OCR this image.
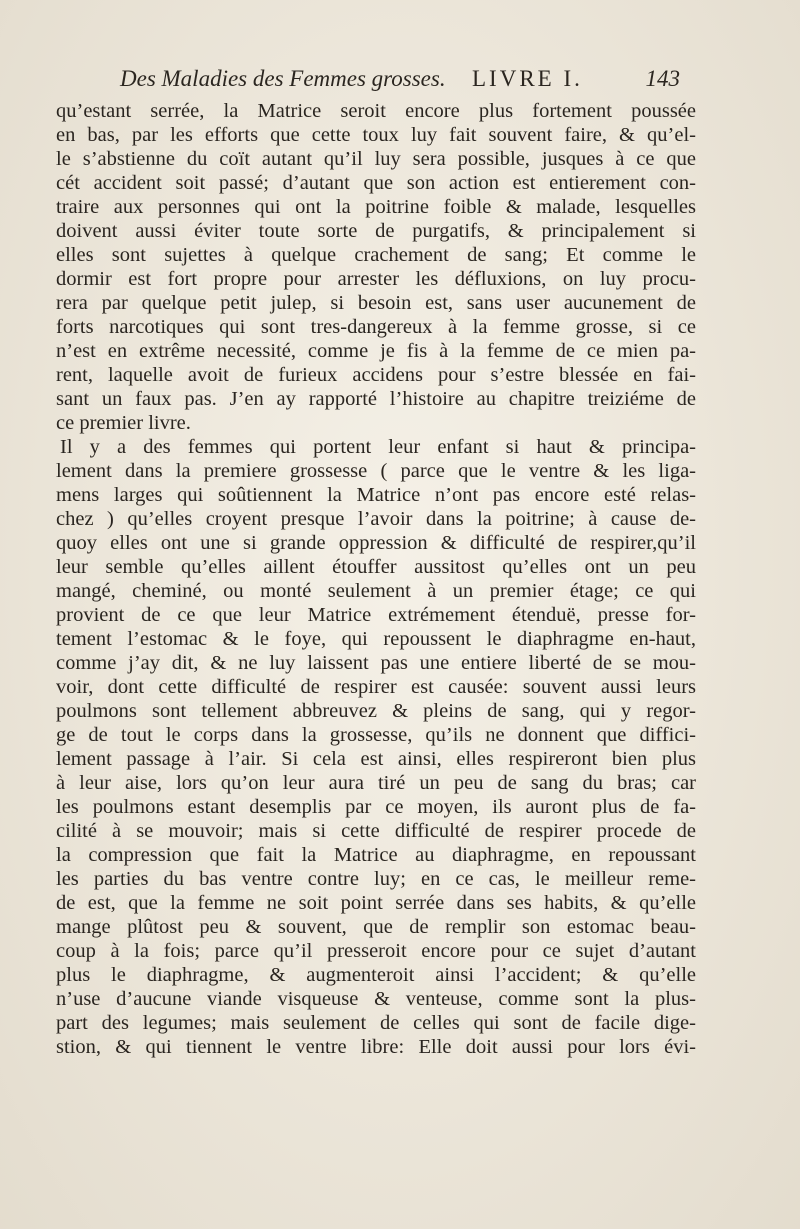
Des Maladies des Femmes grosses. LIVRE I.	143
qu’estant serrée, la Matrice seroit encore plus fortement poussée
en bas, par les efforts que cette toux luy fait souvent faire, & qu’el-
le s’abstienne du coït autant qu’il luy sera possible, jusques à ce que
cét accident soit passé; d’autant que son action est entierement con-
traire aux personnes qui ont la poitrine foible & malade, lesquelles
doivent aussi éviter toute sorte de purgatifs, & principalement si
elles sont sujettes à quelque crachement de sang; Et comme le
dormir est fort propre pour arrester les défluxions, on luy procu-
rera par quelque petit julep, si besoin est, sans user aucunement de
forts narcotiques qui sont tres-dangereux à la femme grosse, si ce
n’est en extrême necessité, comme je fis à la femme de ce mien pa-
rent, laquelle avoit de furieux accidens pour s’estre blessée en fai-
sant un faux pas. J’en ay rapporté l’histoire au chapitre treiziéme de
ce premier livre.
Il y a des femmes qui portent leur enfant si haut & principa-
lement dans la premiere grossesse ( parce que le ventre & les liga-
mens larges qui soûtiennent la Matrice n’ont pas encore esté relas-
chez ) qu’elles croyent presque l’avoir dans la poitrine; à cause de-
quoy elles ont une si grande oppression & difficulté de respirer,qu’il
leur semble qu’elles aillent étouffer aussitost qu’elles ont un peu
mangé, cheminé, ou monté seulement à un premier étage; ce qui
provient de ce que leur Matrice extrémement étenduë, presse for-
tement l’estomac & le foye, qui repoussent le diaphragme en-haut,
comme j’ay dit, & ne luy laissent pas une entiere liberté de se mou-
voir, dont cette difficulté de respirer est causée: souvent aussi leurs
poulmons sont tellement abbreuvez & pleins de sang, qui y regor-
ge de tout le corps dans la grossesse, qu’ils ne donnent que diffici-
lement passage à l’air. Si cela est ainsi, elles respireront bien plus
à leur aise, lors qu’on leur aura tiré un peu de sang du bras; car
les poulmons estant desemplis par ce moyen, ils auront plus de fa-
cilité à se mouvoir; mais si cette difficulté de respirer procede de
la compression que fait la Matrice au diaphragme, en repoussant
les parties du bas ventre contre luy; en ce cas, le meilleur reme-
de est, que la femme ne soit point serrée dans ses habits, & qu’elle
mange plûtost peu & souvent, que de remplir son estomac beau-
coup à la fois; parce qu’il presseroit encore pour ce sujet d’autant
plus le diaphragme, & augmenteroit ainsi l’accident; & qu’elle
n’use d’aucune viande visqueuse & venteuse, comme sont la plus-
part des legumes; mais seulement de celles qui sont de facile dige-
stion, & qui tiennent le ventre libre: Elle doit aussi pour lors évi-
